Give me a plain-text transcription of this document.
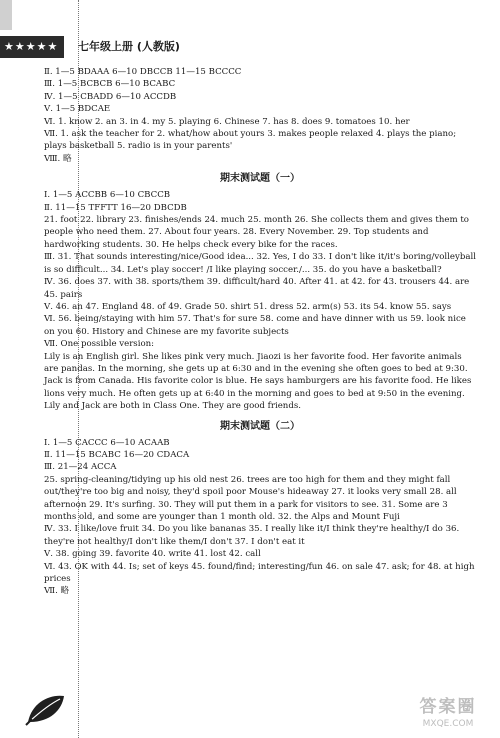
★★★★★ 英语
七年级上册 (人教版)

Ⅱ. 1—5 BDAAA 6—10 DBCCB 11—15 BCCCC

Ⅲ. 1—5 BCBCB 6—10 BCABC

Ⅳ. 1—5 CBADD 6—10 ACCDB

Ⅴ. 1—5 BDCAE

Ⅵ. 1. know 2. an 3. in 4. my 5. playing 6. Chinese 7. has 8. does 9. tomatoes 10. her

Ⅶ. 1. ask the teacher for 2. what/how about yours 3. makes people relaxed 4. plays the piano; plays basketball 5. radio is in your parents'

Ⅷ. 略

期末测试题（一）

Ⅰ. 1—5 ACCBB 6—10 CBCCB

Ⅱ. 11—15 TFFTT 16—20 DBCDB

21. foot 22. library 23. finishes/ends 24. much 25. month 26. She collects them and gives them to people who need them. 27. About four years. 28. Every November. 29. Top students and hardworking students. 30. He helps check every bike for the races.

Ⅲ. 31. That sounds interesting/nice/Good idea... 32. Yes, I do 33. I don't like it/it's boring/volleyball is so difficult... 34. Let's play soccer! /I like playing soccer./... 35. do you have a basketball?

Ⅳ. 36. does 37. with 38. sports/them 39. difficult/hard 40. After 41. at 42. for 43. trousers 44. are 45. pairs

Ⅴ. 46. an 47. England 48. of 49. Grade 50. shirt 51. dress 52. arm(s) 53. its 54. know 55. says

Ⅵ. 56. being/staying with him 57. That's for sure 58. come and have dinner with us 59. look nice on you 60. History and Chinese are my favorite subjects

Ⅶ. One possible version:

Lily is an English girl. She likes pink very much. Jiaozi is her favorite food. Her favorite animals are pandas. In the morning, she gets up at 6:30 and in the evening she often goes to bed at 9:30. Jack is from Canada. His favorite color is blue. He says hamburgers are his favorite food. He likes lions very much. He often gets up at 6:40 in the morning and goes to bed at 9:50 in the evening. Lily and Jack are both in Class One. They are good friends.

期末测试题（二）

Ⅰ. 1—5 CACCC 6—10 ACAAB

Ⅱ. 11—15 BCABC 16—20 CDACA

Ⅲ. 21—24 ACCA

25. spring-cleaning/tidying up his old nest 26. trees are too high for them and they might fall out/they're too big and noisy, they'd spoil poor Mouse's hideaway 27. it looks very small 28. all afternoon 29. It's surfing. 30. They will put them in a park for visitors to see. 31. Some are 3 months old, and some are younger than 1 month old. 32. the Alps and Mount Fuji

Ⅳ. 33. I like/love fruit 34. Do you like bananas 35. I really like it/I think they're healthy/I do 36. they're not healthy/I don't like them/I don't 37. I don't eat it

Ⅴ. 38. going 39. favorite 40. write 41. lost 42. call

Ⅵ. 43. OK with 44. Is; set of keys 45. found/find; interesting/fun 46. on sale 47. ask; for 48. at high prices

Ⅶ. 略

答案圈
MXQE.COM
